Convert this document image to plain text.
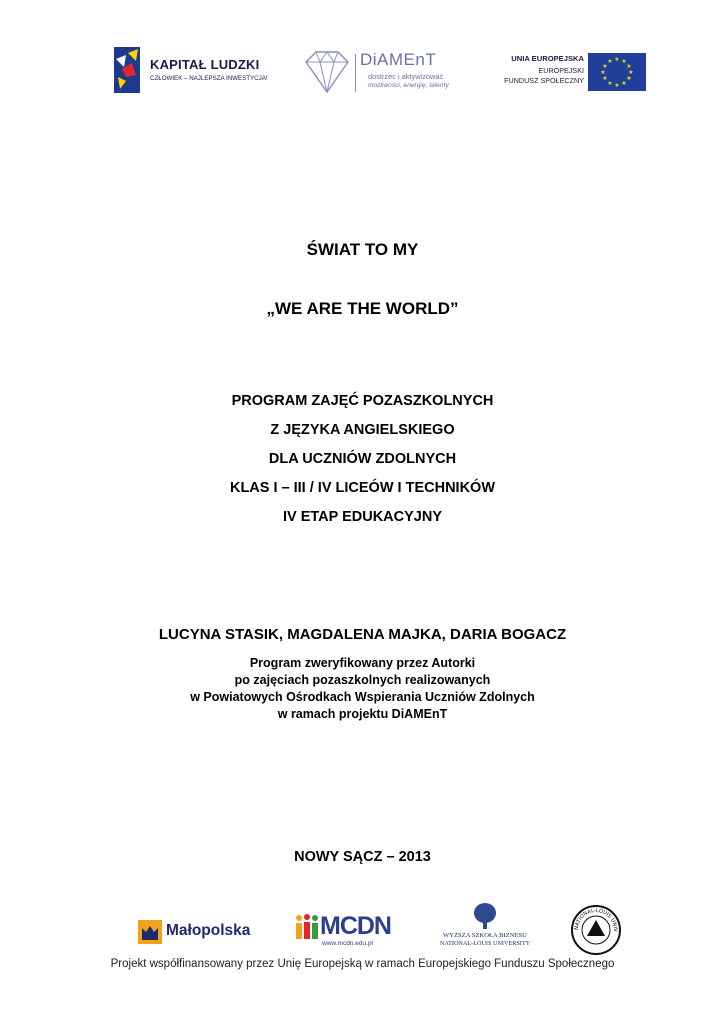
KAPITAŁ LUDZKI
CZŁOWIEK – NAJLEPSZA INWESTYCJA!
DiAMEnT
dostrzec i aktywizować
możliwości, energię, talenty
UNIA EUROPEJSKA
EUROPEJSKI
FUNDUSZ SPOŁECZNY
★ ★
★
★
★
★
★
★
★
★
★
★
ŚWIAT TO MY
„WE ARE THE WORLD”
PROGRAM ZAJĘĆ POZASZKOLNYCH
Z JĘZYKA ANGIELSKIEGO
DLA UCZNIÓW ZDOLNYCH
KLAS I – III / IV LICEÓW I TECHNIKÓW
IV ETAP EDUKACYJNY
LUCYNA STASIK, MAGDALENA MAJKA, DARIA BOGACZ
Program zweryfikowany przez Autorki
po zajęciach pozaszkolnych realizowanych
w Powiatowych Ośrodkach Wspierania Uczniów Zdolnych
w ramach projektu DiAMEnT
NOWY SĄCZ – 2013
Małopolska	MCDN
www.mcdn.edu.pl
WYŻSZA SZKOŁA BIZNESU
NATIONAL-LOUIS UNIVERSITY
NATIONAL-LOUIS UNIV
Projekt współfinansowany przez Unię Europejską w ramach Europejskiego Funduszu Społecznego
